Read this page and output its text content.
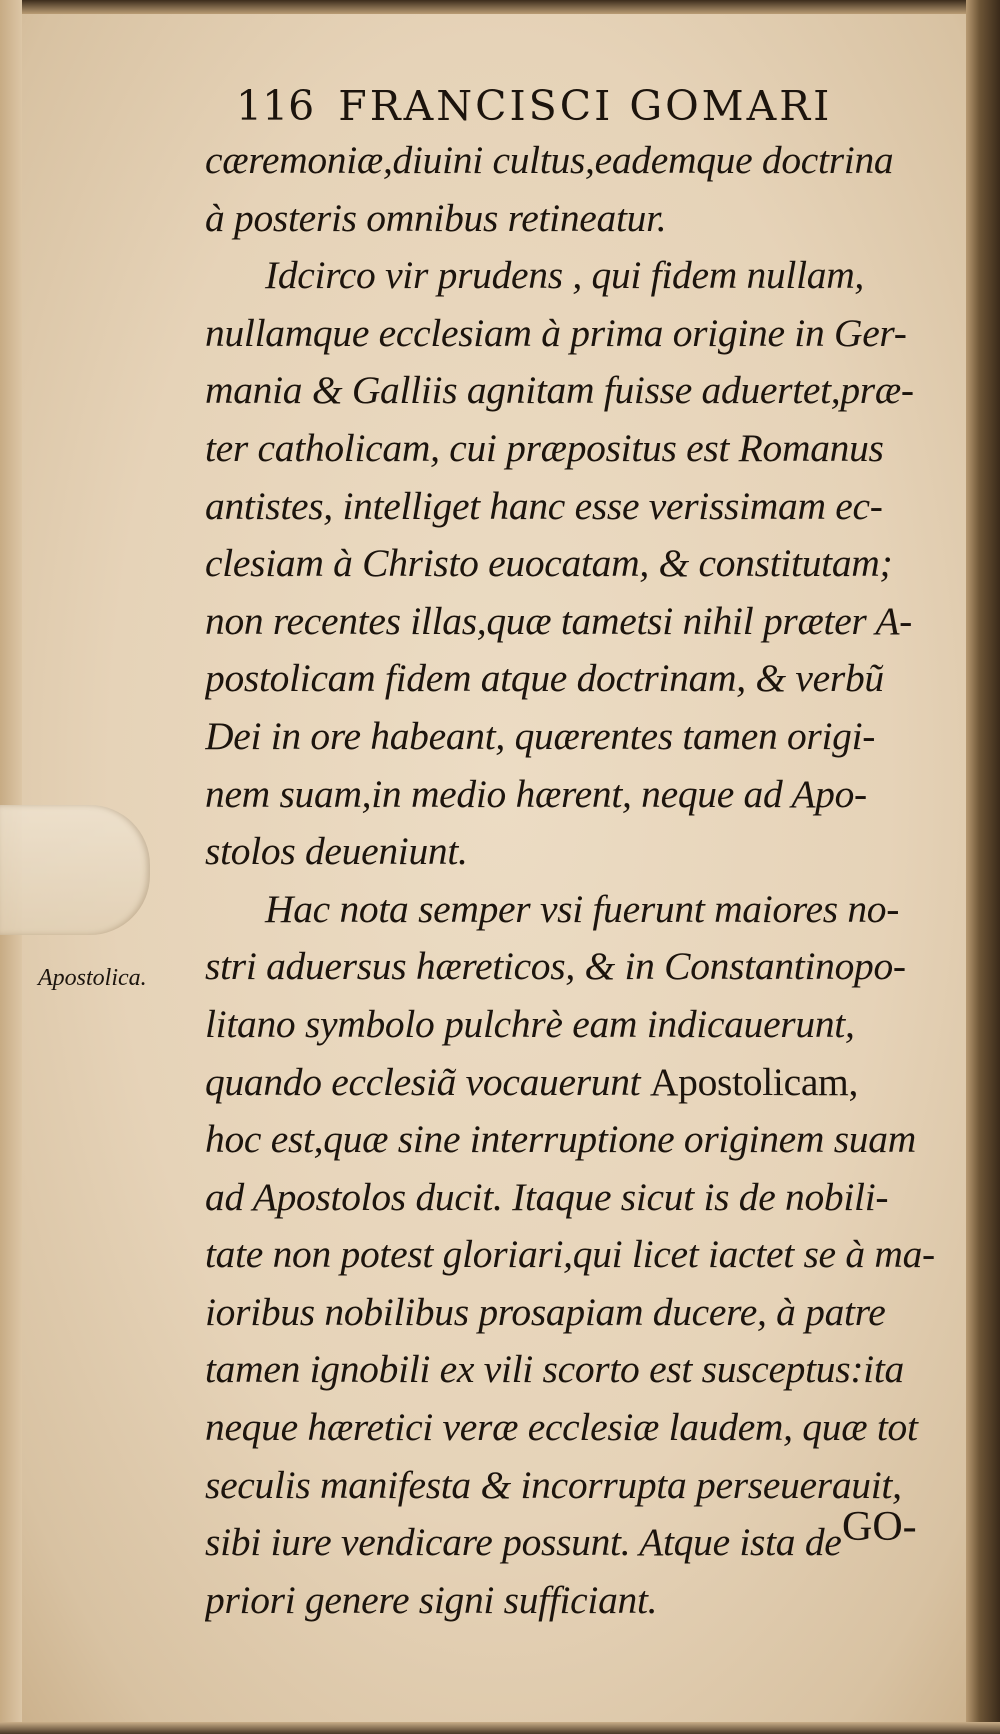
116 FRANCISCI GOMARI
cæremoniæ,diuini cultus,eademque doctrina
à posteris omnibus retineatur.
Idcirco vir prudens , qui fidem nullam,
nullamque ecclesiam à prima origine in Ger-
mania & Galliis agnitam fuisse aduertet,præ-
ter catholicam, cui præpositus est Romanus
antistes, intelliget hanc esse verissimam ec-
clesiam à Christo euocatam, & constitutam;
non recentes illas,quæ tametsi nihil præter A-
postolicam fidem atque doctrinam, & verbũ
Dei in ore habeant, quærentes tamen origi-
nem suam,in medio hærent, neque ad Apo-
stolos deueniunt.
Hac nota semper vsi fuerunt maiores no-
stri aduersus hæreticos, & in Constantinopo-
litano symbolo pulchrè eam indicauerunt,
quando ecclesiã vocauerunt Apostolicam,
hoc est,quæ sine interruptione originem suam
ad Apostolos ducit. Itaque sicut is de nobili-
tate non potest gloriari,qui licet iactet se à ma-
ioribus nobilibus prosapiam ducere, à patre
tamen ignobili ex vili scorto est susceptus:ita
neque hæretici veræ ecclesiæ laudem, quæ tot
seculis manifesta & incorrupta perseuerauit,
sibi iure vendicare possunt. Atque ista de
priori genere signi sufficiant.
Apostolica.
GO-
